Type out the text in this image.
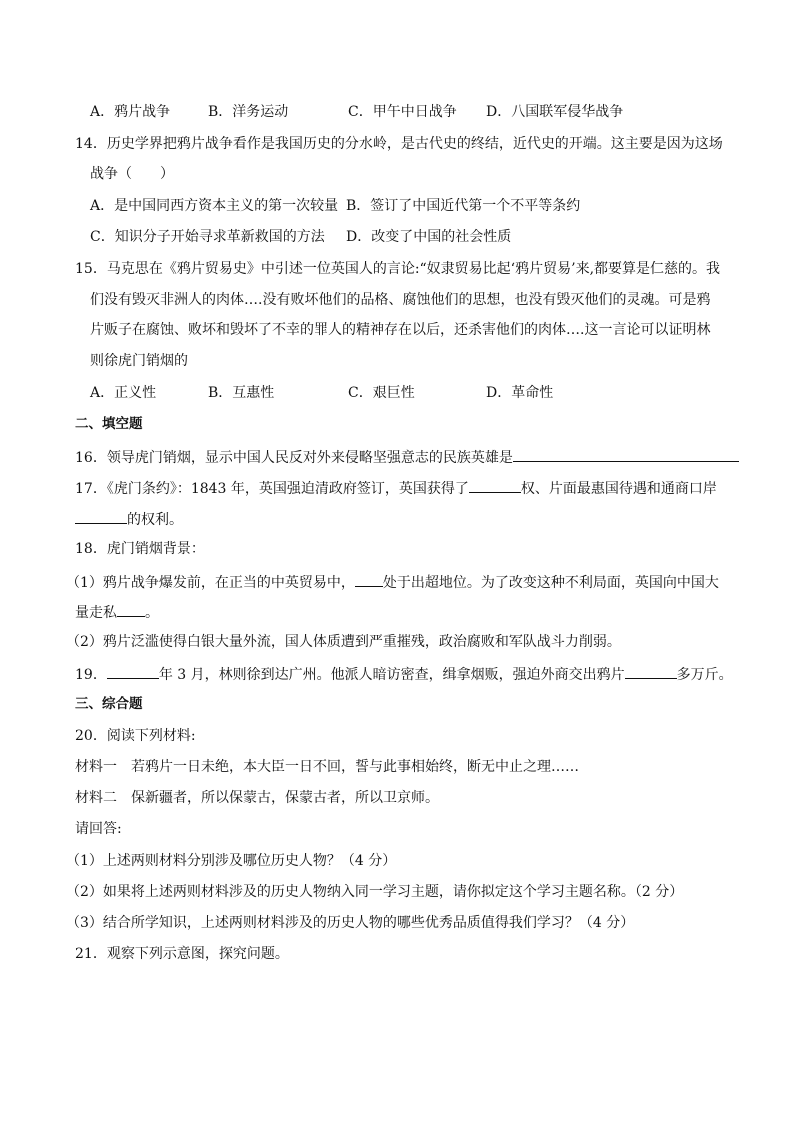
A．鸦片战争	B．洋务运动	C．甲午中日战争 D．八国联军侵华战争
14．历史学界把鸦片战争看作是我国历史的分水岭，是古代史的终结，近代史的开端。这主要是因为这场
战争（　　）
A．是中国同西方资本主义的第一次较量 B．签订了中国近代第一个不平等条约
C．知识分子开始寻求革新救国的方法 D．改变了中国的社会性质
15．马克思在《鸦片贸易史》中引述一位英国人的言论:“奴隶贸易比起‘鸦片贸易’来,都要算是仁慈的。我
们没有毁灭非洲人的肉体….没有败坏他们的品格、腐蚀他们的思想，也没有毁灭他们的灵魂。可是鸦
片贩子在腐蚀、败坏和毁坏了不幸的罪人的精神存在以后，还杀害他们的肉体….这一言论可以证明林
则徐虎门销烟的
A．正义性	B．互惠性	C．艰巨性	D．革命性
二、填空题
16．领导虎门销烟，显示中国人民反对外来侵略坚强意志的民族英雄是
17．《虎门条约》：1843 年，英国强迫清政府签订，英国获得了	权、片面最惠国待遇和通商口岸
的权利。
18．虎门销烟背景：
（1）鸦片战争爆发前，在正当的中英贸易中， 处于出超地位。为了改变这种不利局面，英国向中国大
量走私 。
（2）鸦片泛滥使得白银大量外流，国人体质遭到严重摧残，政治腐败和军队战斗力削弱。
19．	年 3 月，林则徐到达广州。他派人暗访密查，缉拿烟贩，强迫外商交出鸦片	多万斤。
三、综合题
20．阅读下列材料:
材料一　若鸦片一日未绝，本大臣一日不回，誓与此事相始终，断无中止之理……
材料二　保新疆者，所以保蒙古，保蒙古者，所以卫京师。
请回答:
（1）上述两则材料分别涉及哪位历史人物？（4 分）
（2）如果将上述两则材料涉及的历史人物纳入同一学习主题，请你拟定这个学习主题名称。（2 分）
（3）结合所学知识，上述两则材料涉及的历史人物的哪些优秀品质值得我们学习？（4 分）
21．观察下列示意图，探究问题。
